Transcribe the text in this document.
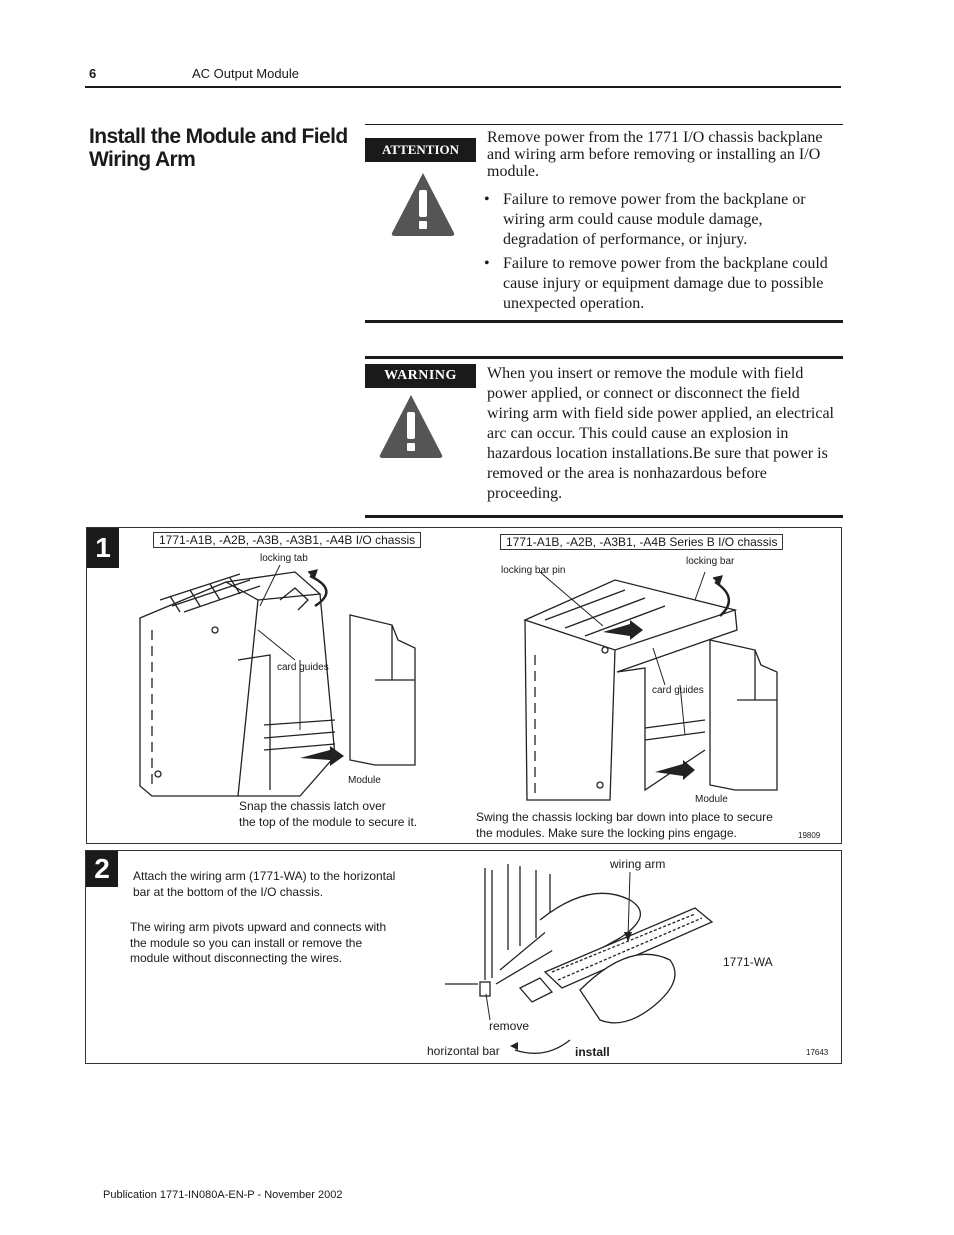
6	AC Output Module
Install the Module and Field Wiring Arm	ATTENTION
Remove power from the 1771 I/O chassis backplane and wiring arm before removing or installing an I/O module.
• Failure to remove power from the backplane or wiring arm could cause module damage, degradation of performance, or injury.
• Failure to remove power from the backplane could cause injury or equipment damage due to possible unexpected operation.
WARNING	When you insert or remove the module with field power applied, or connect or disconnect the field wiring arm with field side power applied, an electrical arc can occur. This could cause an explosion in hazardous location installations.Be sure that power is removed or the area is nonhazardous before proceeding.
1	1771-A1B, -A2B, -A3B, -A3B1, -A4B I/O chassis	1771-A1B, -A2B, -A3B1, -A4B Series B I/O chassis
locking tab
card guides
Module
Snap the chassis latch over
the top of the module to secure it.
locking bar pin
locking bar
card guides
Module
Swing the chassis locking bar down into place to secure
the modules. Make sure the locking pins engage.	19809
2	Attach the wiring arm (1771-WA) to the horizontal
bar at the bottom of the I/O chassis.
The wiring arm pivots upward and connects with
the module so you can install or remove the
module without disconnecting the wires.
wiring arm
1771-WA
remove
horizontal bar	install	17643
Publication 1771-IN080A-EN-P - November 2002
